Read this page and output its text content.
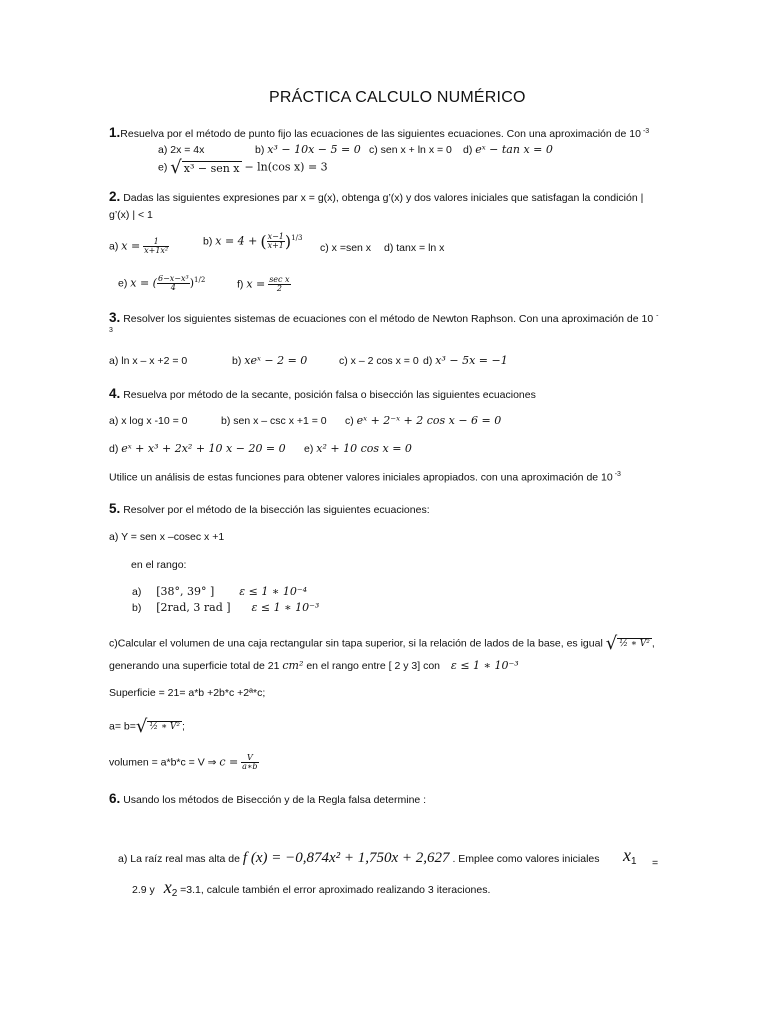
PRÁCTICA CALCULO NUMÉRICO
1.Resuelva por el método de punto fijo las ecuaciones de las siguientes ecuaciones. Con una aproximación de 10 $^{-3}$
a) 2x = 4x	b) x³ − 10x − 5 = 0 c) sen x + ln x = 0 d) eˣ − tan x = 0
e) √ x³ − sen x − ln(cos x) = 3
2. Dadas las siguientes expresiones par x = g(x), obtenga g’(x) y dos valores iniciales que satisfagan la condición |
g’(x) | < 1
a) $x = \frac{1}{\text{x+1x²}}$	b) x = 4 + ( $\frac{x-1}{x+1} )^{1/3}$
c) x =sen x d) tanx = ln x
e) x = ( $\frac{\text{6−x−x³}}{4} )^{1/2}$	f) $x = \frac{\text{sec x}}{2}$
3. Resolver los siguientes sistemas de ecuaciones con el método de Newton Raphson. Con una aproximación de 10 -
3
a) ln x – x +2 = 0	b) xeˣ − 2 = 0	c) x – 2 cos x = 0 d) x³ − 5x = −1
4. Resuelva por método de la secante, posición falsa o bisección las siguientes ecuaciones
a) x log x -10 = 0	b) sen x – csc x +1 = 0 c) eˣ + 2⁻ˣ + 2 cos x − 6 = 0
d) eˣ + x³ + 2x² + 10 x − 20 = 0 e) x² + 10 cos x = 0
Utilice un análisis de estas funciones para obtener valores iniciales apropiados. con una aproximación de 10 $^{-3}$
5. Resolver por el método de la bisección las siguientes ecuaciones:
a) Y = sen x –cosec x +1
en el rango:
a) [38°, 39° ] ε ≤ 1 ∗ 10⁻⁴
b) [2rad, 3 rad ] ε ≤ 1 ∗ 10⁻³
c)Calcular el volumen de una caja rectangular sin tapa superior, si la relación de lados de la base, es igual √ ½ ∗ V² ,
generando una superficie total de 21 cm² en el rango entre [ 2 y 3] con ε ≤ 1 ∗ 10⁻³
Superficie = 21= a*b +2b*c +2ª*c;
a= b=√ ½ ∗ V² ;
volumen = a*b*c = V ⇒ $c = \frac{V}{a∗b}$
6. Usando los métodos de Bisección y de la Regla falsa determine :
a) La raíz real mas alta de f (x) = −0,874x² + 1,750x + 2,627 . Emplee como valores iniciales x1 =
2.9 y x2 =3.1, calcule también el error aproximado realizando 3 iteraciones.
